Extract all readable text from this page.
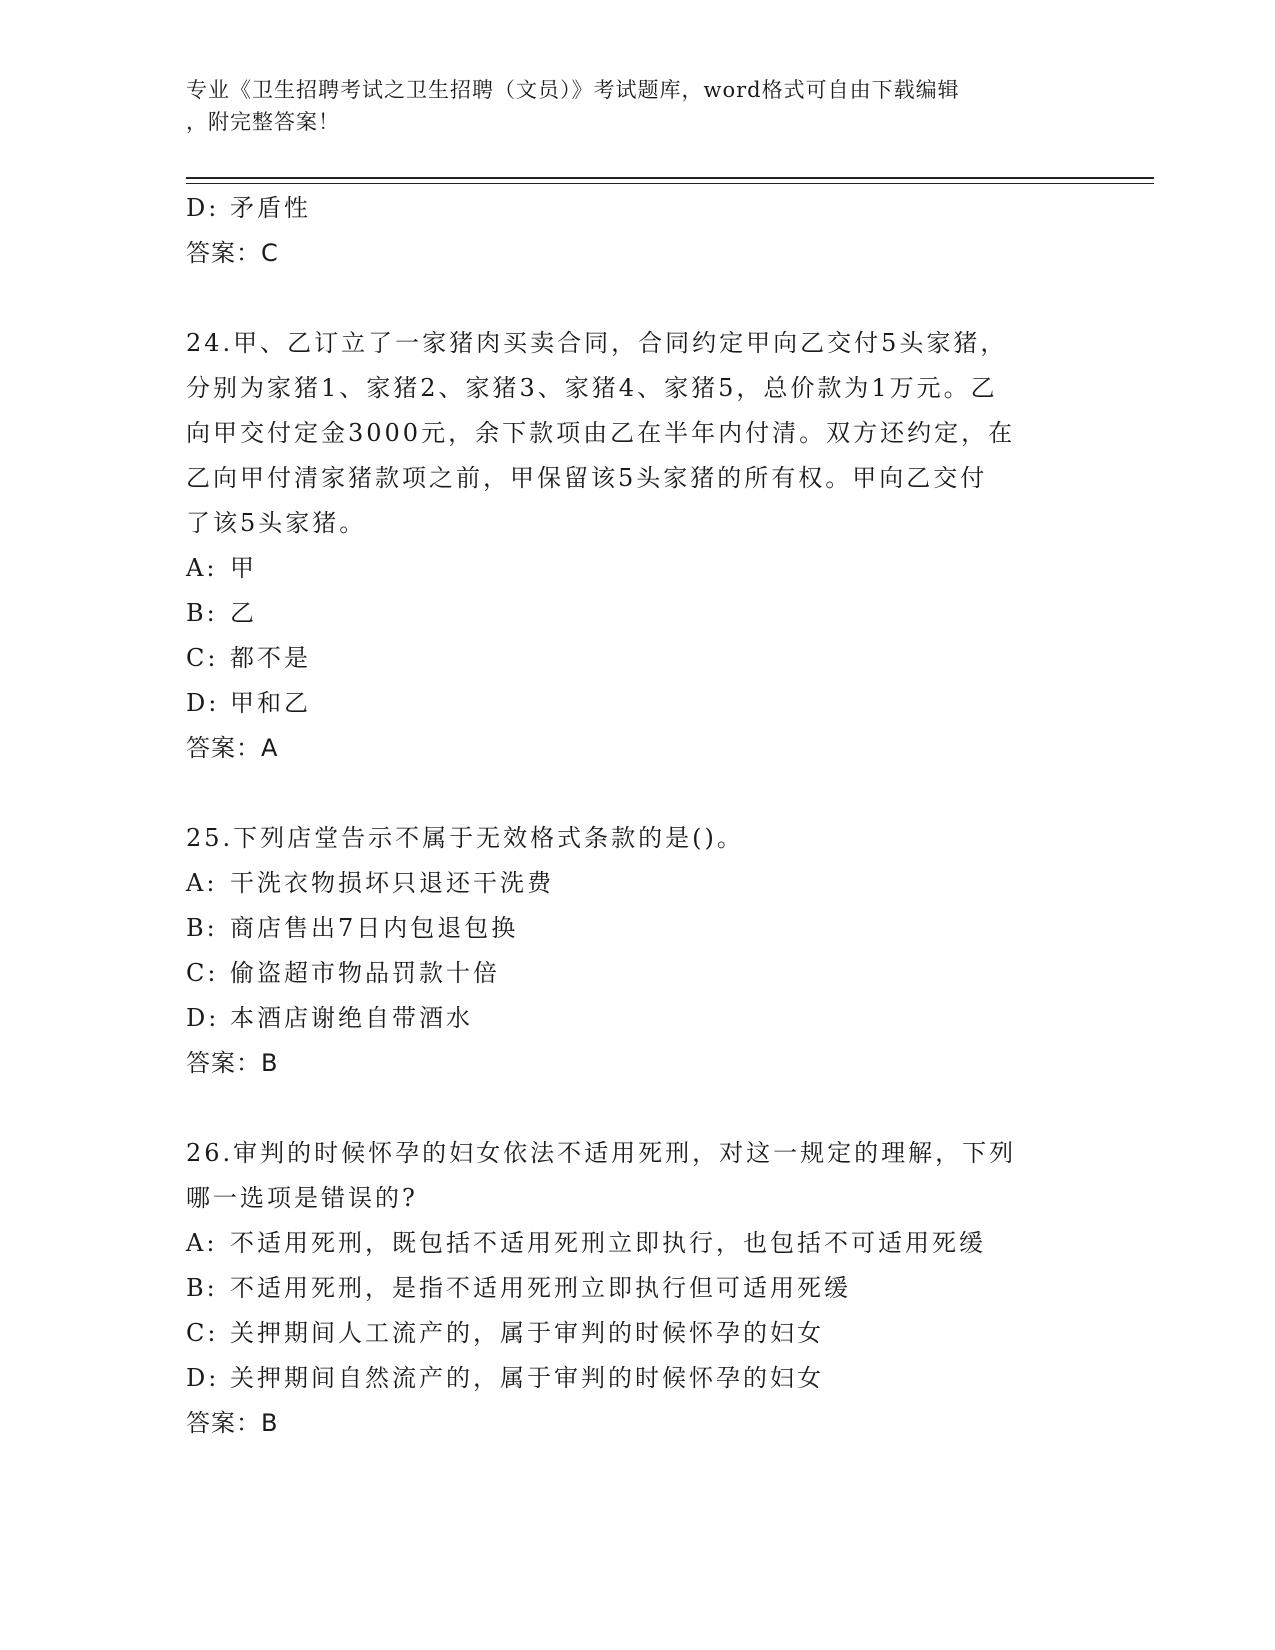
专业《卫生招聘考试之卫生招聘（文员）》考试题库，word格式可自由下载编辑
，附完整答案！
D: 矛盾性
答案：C
24.甲、乙订立了一家猪肉买卖合同，合同约定甲向乙交付5头家猪，
分别为家猪1、家猪2、家猪3、家猪4、家猪5，总价款为1万元。乙
向甲交付定金3000元，余下款项由乙在半年内付清。双方还约定，在
乙向甲付清家猪款项之前，甲保留该5头家猪的所有权。甲向乙交付
了该5头家猪。
A: 甲
B: 乙
C: 都不是
D: 甲和乙
答案：A
25.下列店堂告示不属于无效格式条款的是()。
A: 干洗衣物损坏只退还干洗费
B: 商店售出7日内包退包换
C: 偷盗超市物品罚款十倍
D: 本酒店谢绝自带酒水
答案：B
26.审判的时候怀孕的妇女依法不适用死刑，对这一规定的理解，下列
哪一选项是错误的?
A: 不适用死刑，既包括不适用死刑立即执行，也包括不可适用死缓
B: 不适用死刑，是指不适用死刑立即执行但可适用死缓
C: 关押期间人工流产的，属于审判的时候怀孕的妇女
D: 关押期间自然流产的，属于审判的时候怀孕的妇女
答案：B
